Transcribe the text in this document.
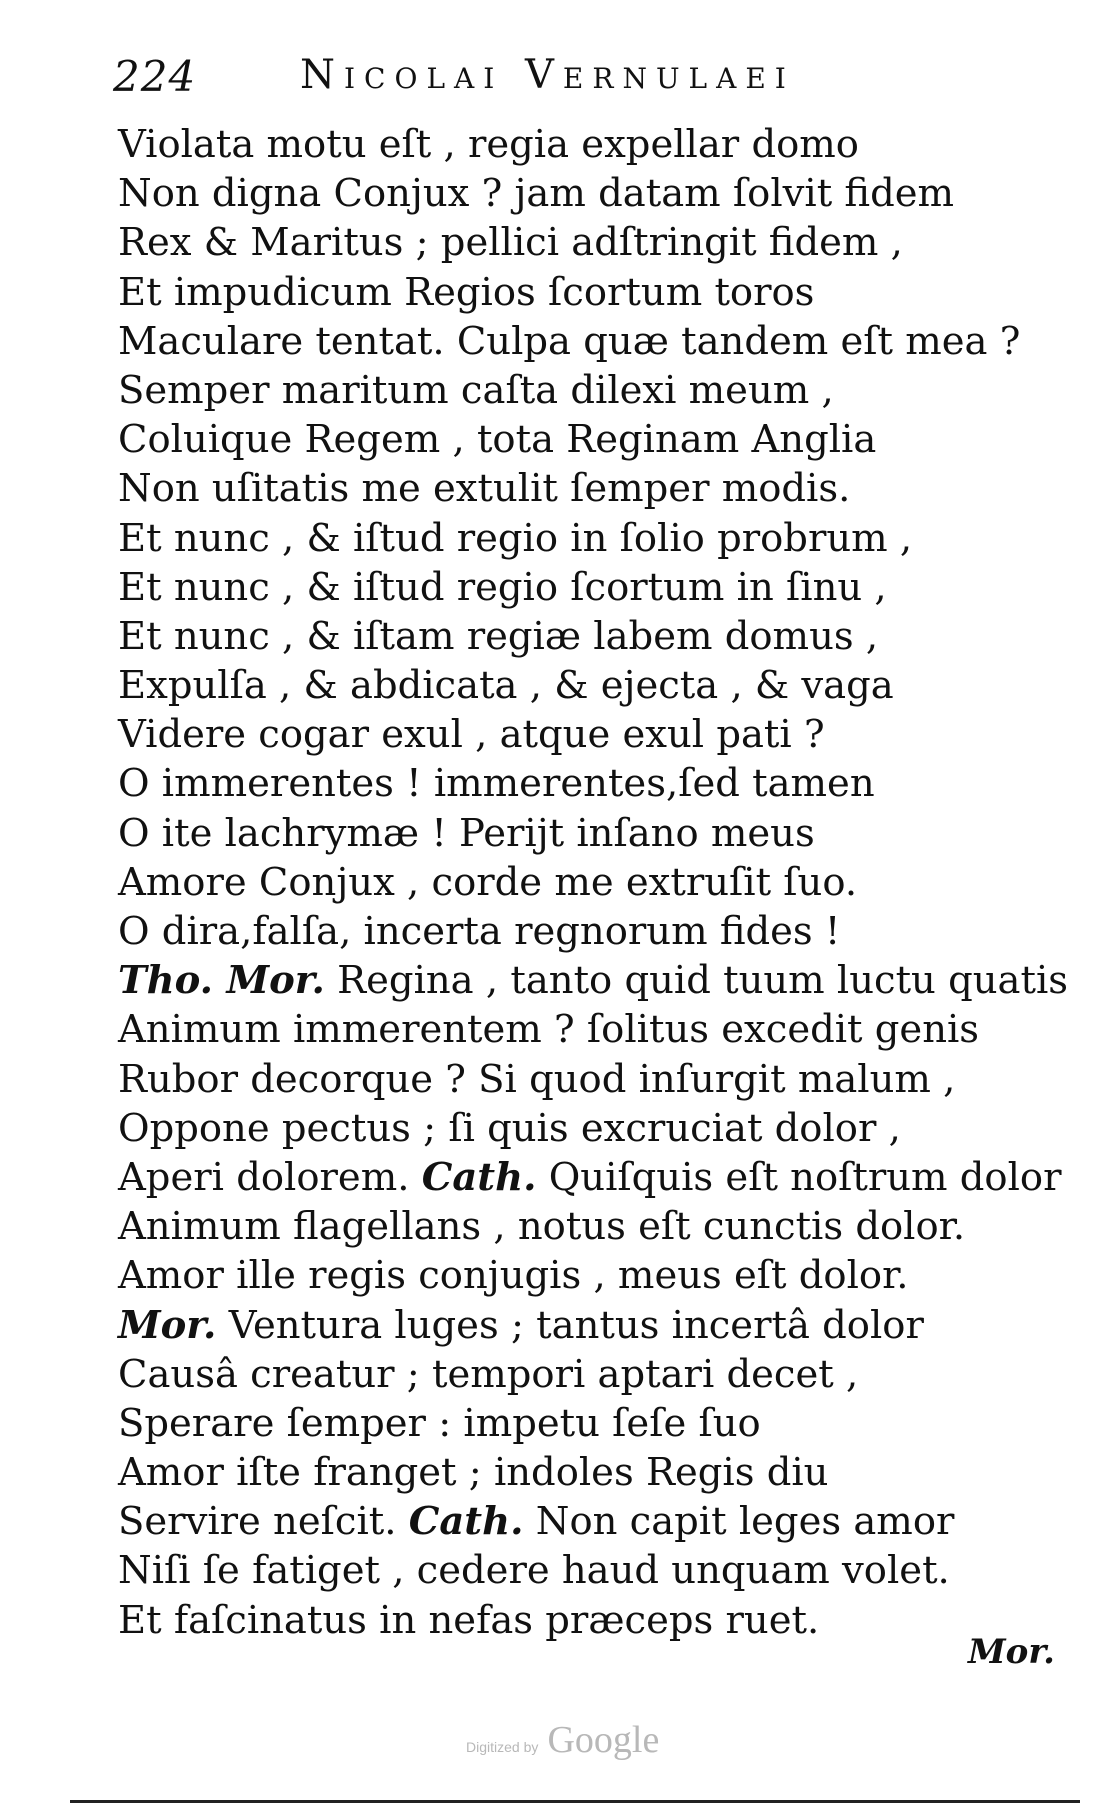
224	Nicolai Vernulaei
Violata motu eſt , regia expellar domo
Non digna Conjux ? jam datam ſolvit fidem
Rex & Maritus ; pellici adſtringit fidem ,
Et impudicum Regios ſcortum toros
Maculare tentat. Culpa quæ tandem eſt mea ?
Semper maritum caſta dilexi meum ,
Coluique Regem , tota Reginam Anglia
Non uſitatis me extulit ſemper modis.
Et nunc , & iſtud regio in ſolio probrum ,
Et nunc , & iſtud regio ſcortum in ſinu ,
Et nunc , & iſtam regiæ labem domus ,
Expulſa , & abdicata , & ejecta , & vaga
Videre cogar exul , atque exul pati ?
O immerentes ! immerentes,ſed tamen
O ite lachrymæ ! Perijt inſano meus
Amore Conjux , corde me extruſit ſuo.
O dira,falſa, incerta regnorum fides !
Tho. Mor. Regina , tanto quid tuum luctu quatis
Animum immerentem ? ſolitus excedit genis
Rubor decorque ? Si quod inſurgit malum ,
Oppone pectus ; ſi quis excruciat dolor ,
Aperi dolorem. Cath. Quiſquis eſt noſtrum dolor
Animum flagellans , notus eſt cunctis dolor.
Amor ille regis conjugis , meus eſt dolor.
Mor. Ventura luges ; tantus incertâ dolor
Causâ creatur ; tempori aptari decet ,
Sperare ſemper : impetu ſeſe ſuo
Amor iſte franget ; indoles Regis diu
Servire neſcit. Cath. Non capit leges amor
Niſi ſe fatiget , cedere haud unquam volet.
Et faſcinatus in nefas præceps ruet.
Mor.
Digitized by Google
